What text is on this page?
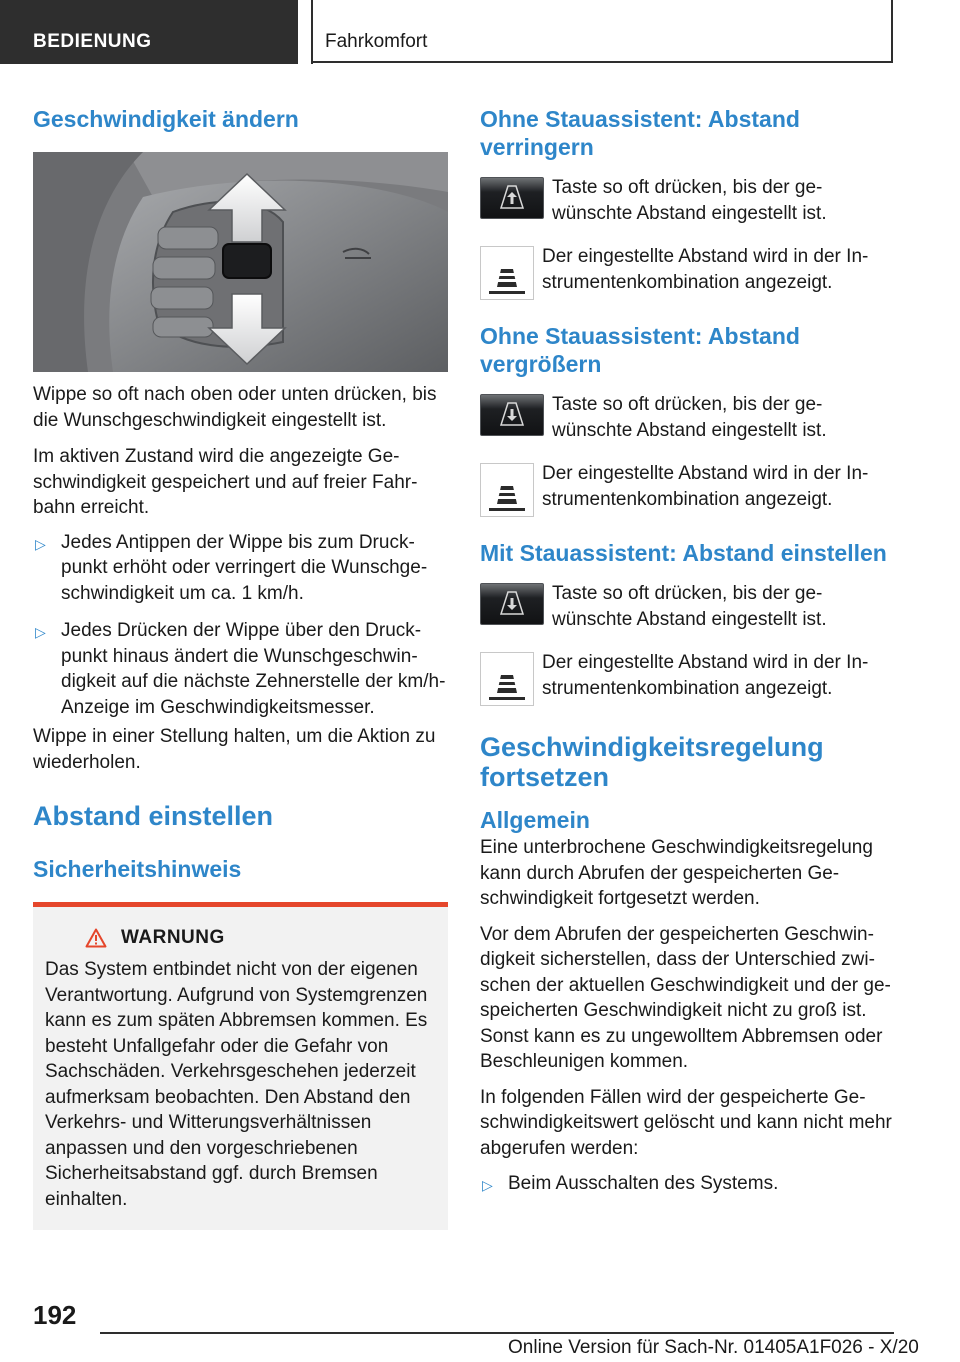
BEDIENUNG	Fahrkomfort
Geschwindigkeit ändern

Wippe so oft nach oben oder unten drücken, bis die Wunschgeschwindigkeit eingestellt ist.

Im aktiven Zustand wird die angezeigte Geschwindigkeit gespeichert und auf freier Fahrbahn erreicht.

▷ Jedes Antippen der Wippe bis zum Druckpunkt erhöht oder verringert die Wunschgeschwindigkeit um ca. 1 km/h.
▷ Jedes Drücken der Wippe über den Druckpunkt hinaus ändert die Wunschgeschwindigkeit auf die nächste Zehnerstelle der km/h-Anzeige im Geschwindigkeitsmesser.

Wippe in einer Stellung halten, um die Aktion zu wiederholen.

Abstand einstellen
Sicherheitshinweis
WARNUNG
Das System entbindet nicht von der eigenen Verantwortung. Aufgrund von Systemgrenzen kann es zum späten Abbremsen kommen. Es besteht Unfallgefahr oder die Gefahr von Sachschäden. Verkehrsgeschehen jederzeit aufmerksam beobachten. Den Abstand den Verkehrs- und Witterungsverhältnissen anpassen und den vorgeschriebenen Sicherheitsabstand ggf. durch Bremsen einhalten.
Ohne Stauassistent: Abstand verringern

Taste so oft drücken, bis der gewünschte Abstand eingestellt ist.

Der eingestellte Abstand wird in der Instrumentenkombination angezeigt.

Ohne Stauassistent: Abstand vergrößern

Taste so oft drücken, bis der gewünschte Abstand eingestellt ist.

Der eingestellte Abstand wird in der Instrumentenkombination angezeigt.

Mit Stauassistent: Abstand einstellen

Taste so oft drücken, bis der gewünschte Abstand eingestellt ist.

Der eingestellte Abstand wird in der Instrumentenkombination angezeigt.

Geschwindigkeitsregelung fortsetzen
Allgemein

Eine unterbrochene Geschwindigkeitsregelung kann durch Abrufen der gespeicherten Geschwindigkeit fortgesetzt werden.

Vor dem Abrufen der gespeicherten Geschwindigkeit sicherstellen, dass der Unterschied zwischen der aktuellen Geschwindigkeit und der gespeicherten Geschwindigkeit nicht zu groß ist. Sonst kann es zu ungewolltem Abbremsen oder Beschleunigen kommen.

In folgenden Fällen wird der gespeicherte Geschwindigkeitswert gelöscht und kann nicht mehr abgerufen werden:

▷ Beim Ausschalten des Systems.
192
Online Version für Sach-Nr. 01405A1F026 - X/20
